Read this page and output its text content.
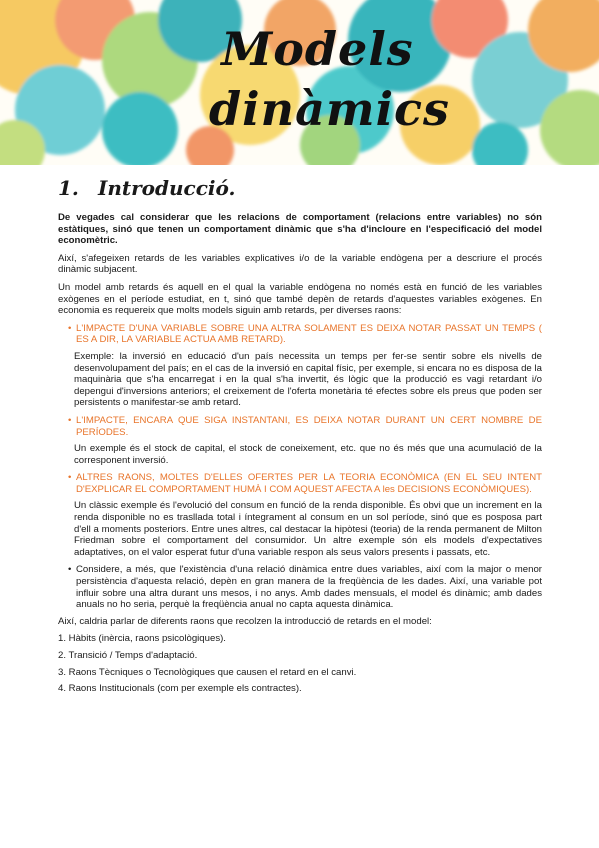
Models
dinàmics
1. Introducció.

De vegades cal considerar que les relacions de comportament (relacions entre variables) no són estàtiques, sinó que tenen un comportament dinàmic que s'ha d'incloure en l'especificació del model economètric.

Així, s'afegeixen retards de les variables explicatives i/o de la variable endògena per a descriure el procés dinàmic subjacent.

Un model amb retards és aquell en el qual la variable endògena no només està en funció de les variables exògenes en el període estudiat, en t, sinó que també depèn de retards d'aquestes variables exògenes. En economia es requereix que molts models siguin amb retards, per diverses raons:

• L'IMPACTE D'UNA VARIABLE SOBRE UNA ALTRA SOLAMENT ES DEIXA NOTAR PASSAT UN TEMPS ( ES A DIR, LA VARIABLE ACTUA AMB RETARD).

Exemple: la inversió en educació d'un país necessita un temps per fer-se sentir sobre els nivells de desenvolupament del país; en el cas de la inversió en capital físic, per exemple, si encara no es disposa de la maquinària que s'ha encarregat i en la qual s'ha invertit, és lògic que la producció es vagi retardant i/o depengui d'inversions anteriors; el creixement de l'oferta monetària té efectes sobre els preus que poden ser persistents o manifestar-se amb retard.

• L'IMPACTE, ENCARA QUE SIGA INSTANTANI, ES DEIXA NOTAR DURANT UN CERT NOMBRE DE PERÍODES.

Un exemple és el stock de capital, el stock de coneixement, etc. que no és més que una acumulació de la corresponent inversió.

• ALTRES RAONS, MOLTES D'ELLES OFERTES PER LA TEORIA ECONÒMICA (EN EL SEU INTENT D'EXPLICAR EL COMPORTAMENT HUMÀ I COM AQUEST AFECTA A les DECISIONS ECONÒMIQUES).

Un clàssic exemple és l'evolució del consum en funció de la renda disponible. És obvi que un increment en la renda disponible no es trasllada total i íntegrament al consum en un sol període, sinó que es posposa part d'ell a moments posteriors. Entre unes altres, cal destacar la hipòtesi (teoria) de la renda permanent de Milton Friedman sobre el comportament del consumidor. Un altre exemple són els models d'expectatives adaptatives, on el valor esperat futur d'una variable respon als seus valors presents i passats, etc.

• Considere, a més, que l'existència d'una relació dinàmica entre dues variables, així com la major o menor persistència d'aquesta relació, depèn en gran manera de la freqüència de les dades. Així, una variable pot influir sobre una altra durant uns mesos, i no anys. Amb dades mensuals, el model és dinàmic; amb dades anuals no ho seria, perquè la freqüència anual no capta aquesta dinàmica.

Així, caldria parlar de diferents raons que recolzen la introducció de retards en el model:

1. Hàbits (inèrcia, raons psicològiques).
2. Transició / Temps d'adaptació.
3. Raons Tècniques o Tecnològiques que causen el retard en el canvi.
4. Raons Institucionals (com per exemple els contractes).
